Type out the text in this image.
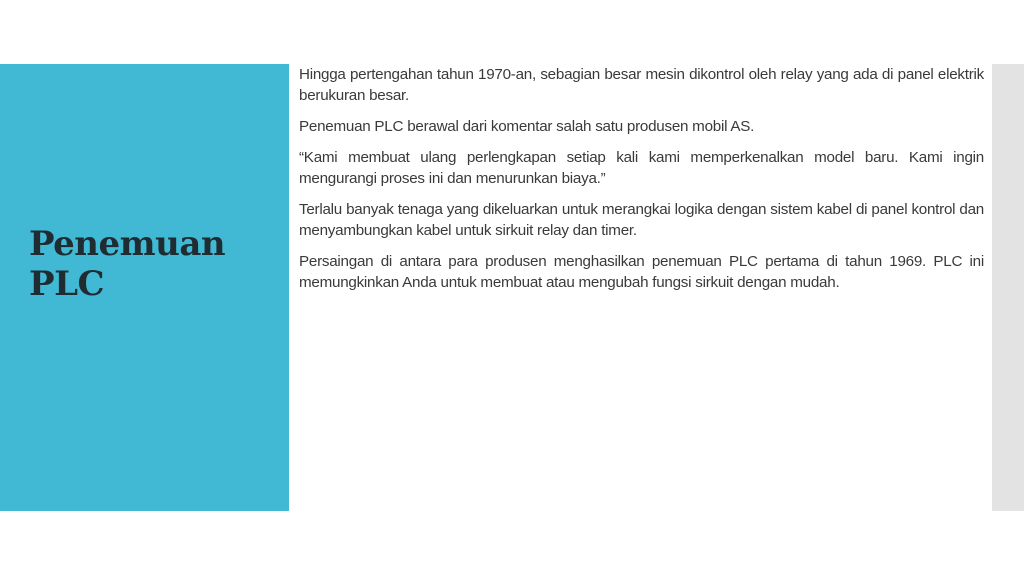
Penemuan
PLC

Hingga pertengahan tahun 1970-an, sebagian besar mesin dikontrol oleh relay yang ada di panel elektrik berukuran besar.

Penemuan PLC berawal dari komentar salah satu produsen mobil AS.

“Kami membuat ulang perlengkapan setiap kali kami memperkenalkan model baru. Kami ingin mengurangi proses ini dan menurunkan biaya.”

Terlalu banyak tenaga yang dikeluarkan untuk merangkai logika dengan sistem kabel di panel kontrol dan menyambungkan kabel untuk sirkuit relay dan timer.

Persaingan di antara para produsen menghasilkan penemuan PLC pertama di tahun 1969. PLC ini memungkinkan Anda untuk membuat atau mengubah fungsi sirkuit dengan mudah.
